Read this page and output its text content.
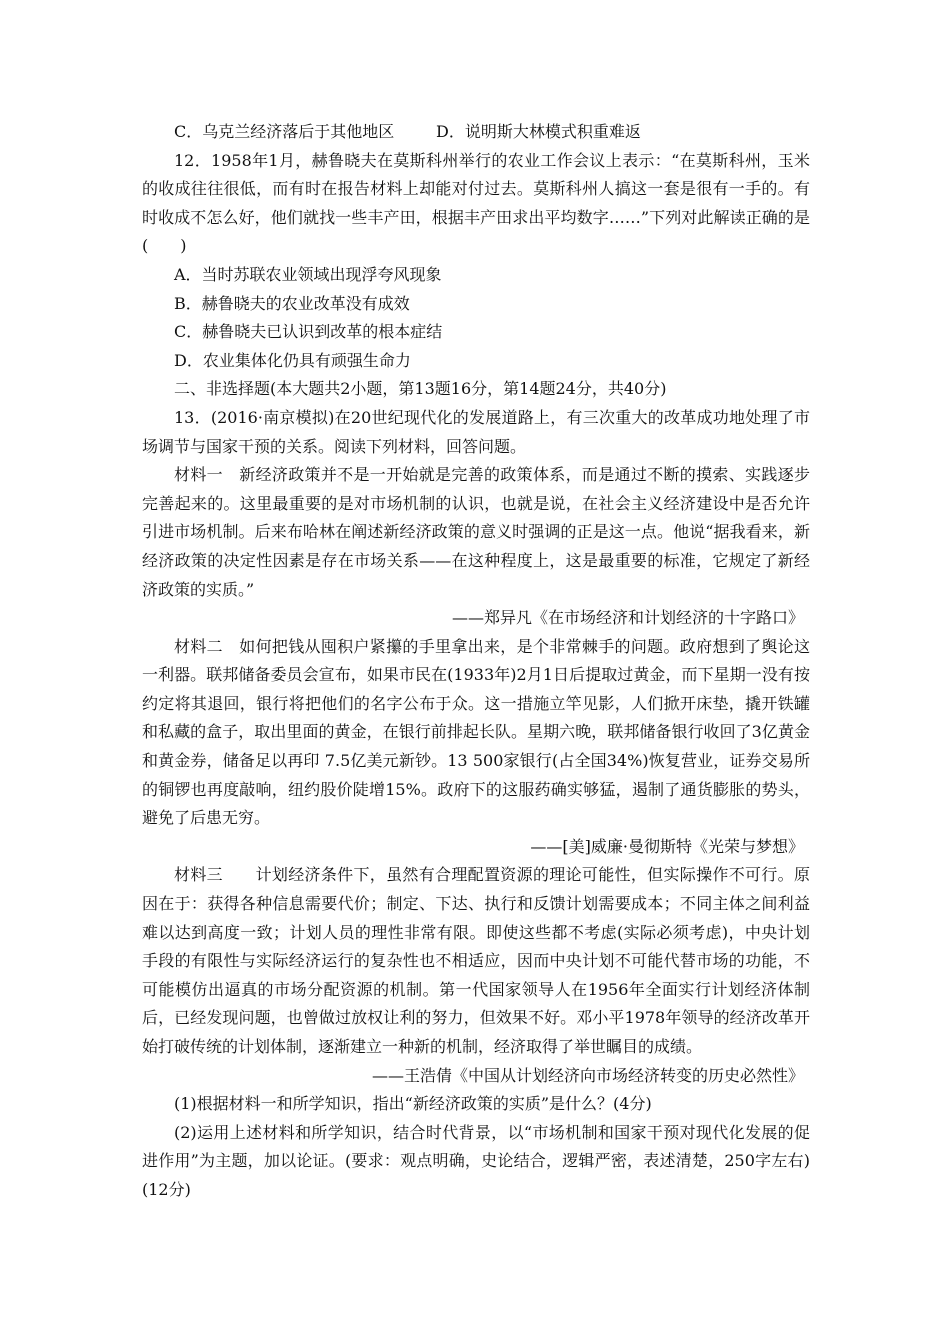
C．乌克兰经济落后于其他地区	D．说明斯大林模式积重难返

12．1958年1月，赫鲁晓夫在莫斯科州举行的农业工作会议上表示：“在莫斯科州，玉米的收成往往很低，而有时在报告材料上却能对付过去。莫斯科州人搞这一套是很有一手的。有时收成不怎么好，他们就找一些丰产田，根据丰产田求出平均数字……”下列对此解读正确的是(　　)

A．当时苏联农业领域出现浮夸风现象
B．赫鲁晓夫的农业改革没有成效
C．赫鲁晓夫已认识到改革的根本症结
D．农业集体化仍具有顽强生命力
二、非选择题(本大题共2小题，第13题16分，第14题24分，共40分)

13．(2016·南京模拟)在20世纪现代化的发展道路上，有三次重大的改革成功地处理了市场调节与国家干预的关系。阅读下列材料，回答问题。

材料一　新经济政策并不是一开始就是完善的政策体系，而是通过不断的摸索、实践逐步完善起来的。这里最重要的是对市场机制的认识，也就是说，在社会主义经济建设中是否允许引进市场机制。后来布哈林在阐述新经济政策的意义时强调的正是这一点。他说“据我看来，新经济政策的决定性因素是存在市场关系——在这种程度上，这是最重要的标准，它规定了新经济政策的实质。”

——郑异凡《在市场经济和计划经济的十字路口》

材料二　如何把钱从囤积户紧攥的手里拿出来，是个非常棘手的问题。政府想到了舆论这一利器。联邦储备委员会宣布，如果市民在(1933年)2月1日后提取过黄金，而下星期一没有按约定将其退回，银行将把他们的名字公布于众。这一措施立竿见影，人们掀开床垫，撬开铁罐和私藏的盒子，取出里面的黄金，在银行前排起长队。星期六晚，联邦储备银行收回了3亿黄金和黄金券，储备足以再印 7.5亿美元新钞。13 500家银行(占全国34%)恢复营业，证券交易所的铜锣也再度敲响，纽约股价陡增15%。政府下的这服药确实够猛，遏制了通货膨胀的势头，避免了后患无穷。

——[美]威廉·曼彻斯特《光荣与梦想》

材料三　　计划经济条件下，虽然有合理配置资源的理论可能性，但实际操作不可行。原因在于：获得各种信息需要代价；制定、下达、执行和反馈计划需要成本；不同主体之间利益难以达到高度一致；计划人员的理性非常有限。即使这些都不考虑(实际必须考虑)，中央计划手段的有限性与实际经济运行的复杂性也不相适应，因而中央计划不可能代替市场的功能，不可能模仿出逼真的市场分配资源的机制。第一代国家领导人在1956年全面实行计划经济体制后，已经发现问题，也曾做过放权让利的努力，但效果不好。邓小平1978年领导的经济改革开始打破传统的计划体制，逐渐建立一种新的机制，经济取得了举世瞩目的成绩。

——王浩倩《中国从计划经济向市场经济转变的历史必然性》

(1)根据材料一和所学知识，指出“新经济政策的实质”是什么？(4分)

(2)运用上述材料和所学知识，结合时代背景，以“市场机制和国家干预对现代化发展的促进作用”为主题，加以论证。(要求：观点明确，史论结合，逻辑严密，表述清楚，250字左右)(12分)
